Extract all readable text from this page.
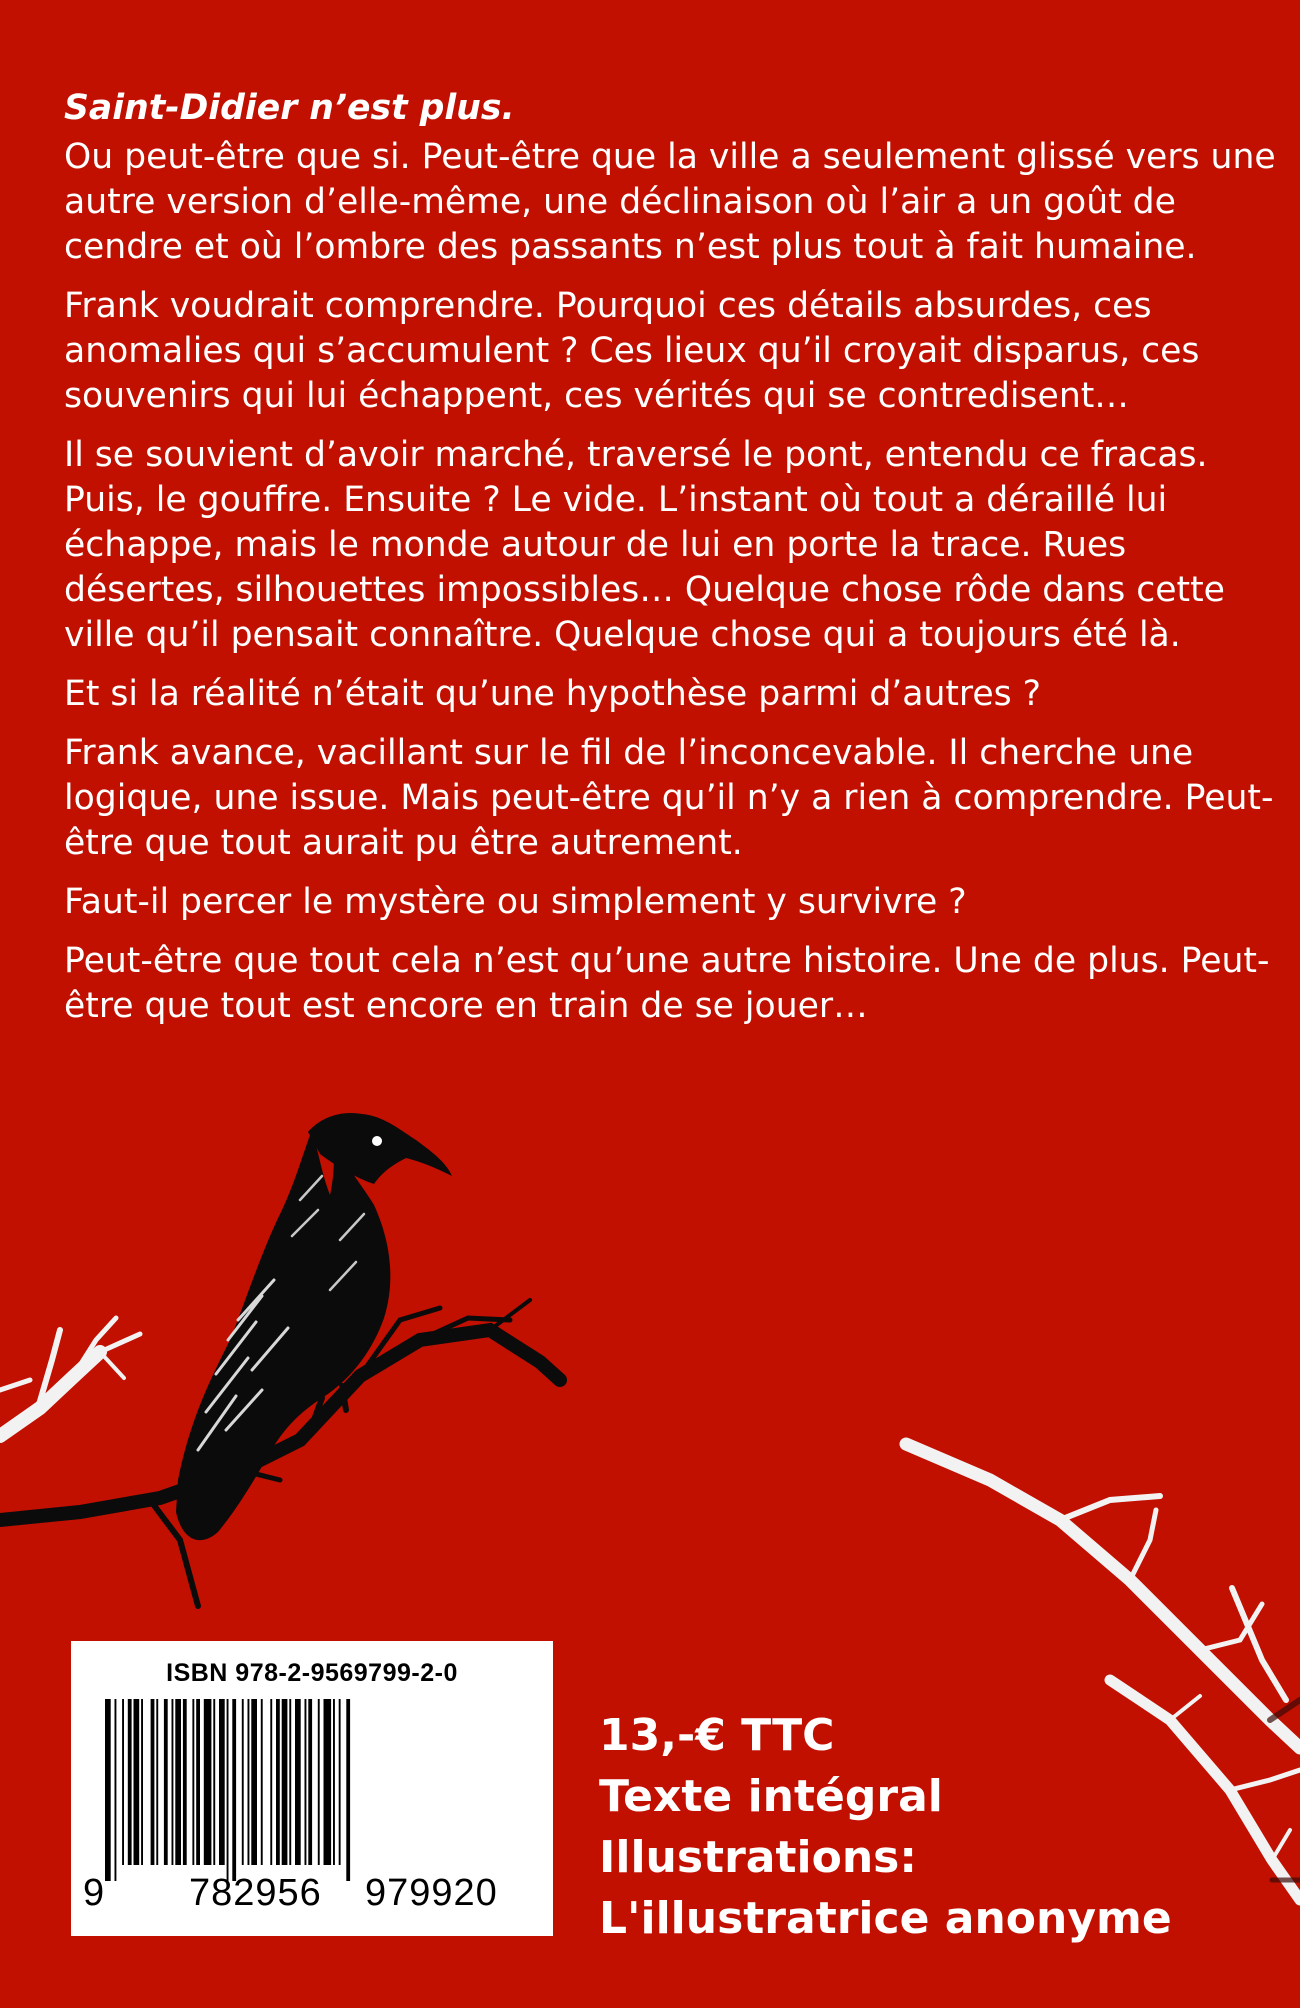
Saint-Didier n’est plus.

Ou peut-être que si. Peut-être que la ville a seulement glissé vers une autre version d’elle-même, une déclinaison où l’air a un goût de cendre et où l’ombre des passants n’est plus tout à fait humaine.

Frank voudrait comprendre. Pourquoi ces détails absurdes, ces anomalies qui s’accumulent ? Ces lieux qu’il croyait disparus, ces souvenirs qui lui échappent, ces vérités qui se contredisent…

Il se souvient d’avoir marché, traversé le pont, entendu ce fracas. Puis, le gouffre. Ensuite ? Le vide. L’instant où tout a déraillé lui échappe, mais le monde autour de lui en porte la trace. Rues désertes, silhouettes impossibles… Quelque chose rôde dans cette ville qu’il pensait connaître. Quelque chose qui a toujours été là.

Et si la réalité n’était qu’une hypothèse parmi d’autres ?

Frank avance, vacillant sur le fil de l’inconcevable. Il cherche une logique, une issue. Mais peut-être qu’il n’y a rien à comprendre. Peut-être que tout aurait pu être autrement.

Faut-il percer le mystère ou simplement y survivre ?

Peut-être que tout cela n’est qu’une autre histoire. Une de plus. Peut-être que tout est encore en train de se jouer…

ISBN 978-2-9569799-2-0
9 782956 979920
13,-€ TTC
Texte intégral
Illustrations:
L'illustratrice anonyme
